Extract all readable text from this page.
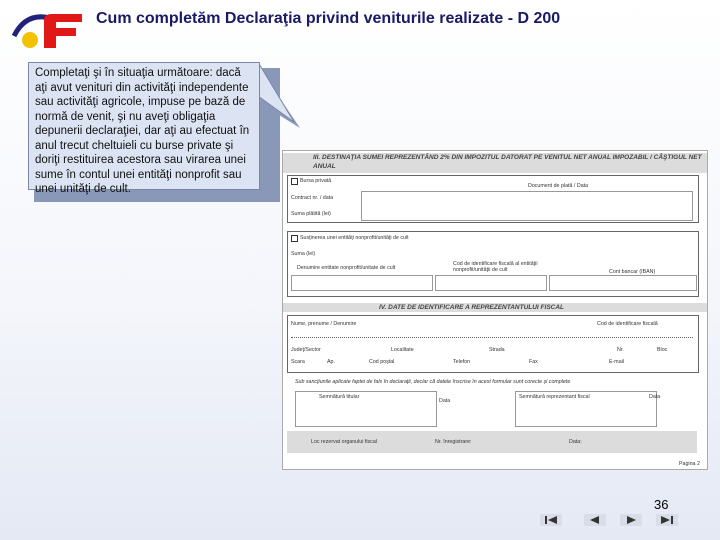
Cum completăm Declaraţia privind veniturile realizate - D 200
Completaţi şi în situaţia următoare: dacă aţi avut venituri din activităţi independente sau activităţi agricole, impuse pe bază de normă de venit, şi nu aveţi obligaţia depunerii declaraţiei, dar aţi au efectuat în anul trecut cheltuieli cu burse private şi doriţi restituirea acestora sau virarea unei sume în contul unei entităţi nonprofit sau unei unităţi de cult.
III. DESTINAŢIA SUMEI REPREZENTÂND 2% DIN IMPOZITUL DATORAT PE VENITUL NET ANUAL IMPOZABIL / CÂŞTIGUL NET ANUAL
Bursa privată
Document de plată / Data
Contract nr. / data
Suma plătită (lei)
Susţinerea unei entităţi nonprofit/unităţi de cult
Suma (lei)
Denumire entitate nonprofit/unitate de cult
Cod de identificare fiscală al entităţii nonprofit/unităţii de cult	Cont bancar (IBAN)
IV. DATE DE IDENTIFICARE A REPREZENTANTULUI FISCAL
Nume, prenume / Denumire	Cod de identificare fiscală
Judeţ/Sector	Localitate	Strada	Nr.	Bloc
Scara	Ap.	Cod poştal	Telefon	Fax	E-mail
Sub sancţiunile aplicate faptei de fals în declaraţii, declar că datele înscrise în acest formular sunt corecte şi complete
Semnătură titular
Data
Semnătură reprezentant fiscal	Data
Loc rezervat organului fiscal	Nr. înregistrare:	Data:
Pagina 2
36
